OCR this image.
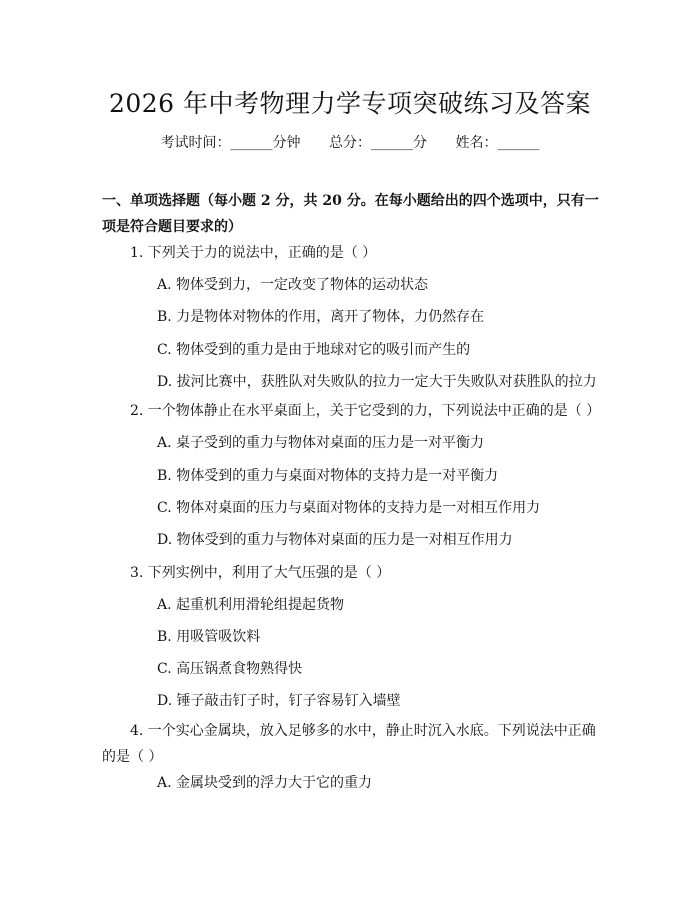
2026 年中考物理力学专项突破练习及答案
考试时间：______分钟 总分：______分 姓名：______
一、单项选择题（每小题 2 分，共 20 分。在每小题给出的四个选项中，只有一项是符合题目要求的）
1. 下列关于力的说法中，正确的是（ ）
A. 物体受到力，一定改变了物体的运动状态
B. 力是物体对物体的作用，离开了物体，力仍然存在
C. 物体受到的重力是由于地球对它的吸引而产生的
D. 拔河比赛中，获胜队对失败队的拉力一定大于失败队对获胜队的拉力
2. 一个物体静止在水平桌面上，关于它受到的力，下列说法中正确的是（ ）
A. 桌子受到的重力与物体对桌面的压力是一对平衡力
B. 物体受到的重力与桌面对物体的支持力是一对平衡力
C. 物体对桌面的压力与桌面对物体的支持力是一对相互作用力
D. 物体受到的重力与物体对桌面的压力是一对相互作用力
3. 下列实例中，利用了大气压强的是（ ）
A. 起重机利用滑轮组提起货物
B. 用吸管吸饮料
C. 高压锅煮食物熟得快
D. 锤子敲击钉子时，钉子容易钉入墙壁
4. 一个实心金属块，放入足够多的水中，静止时沉入水底。下列说法中正确的是（ ）
A. 金属块受到的浮力大于它的重力
